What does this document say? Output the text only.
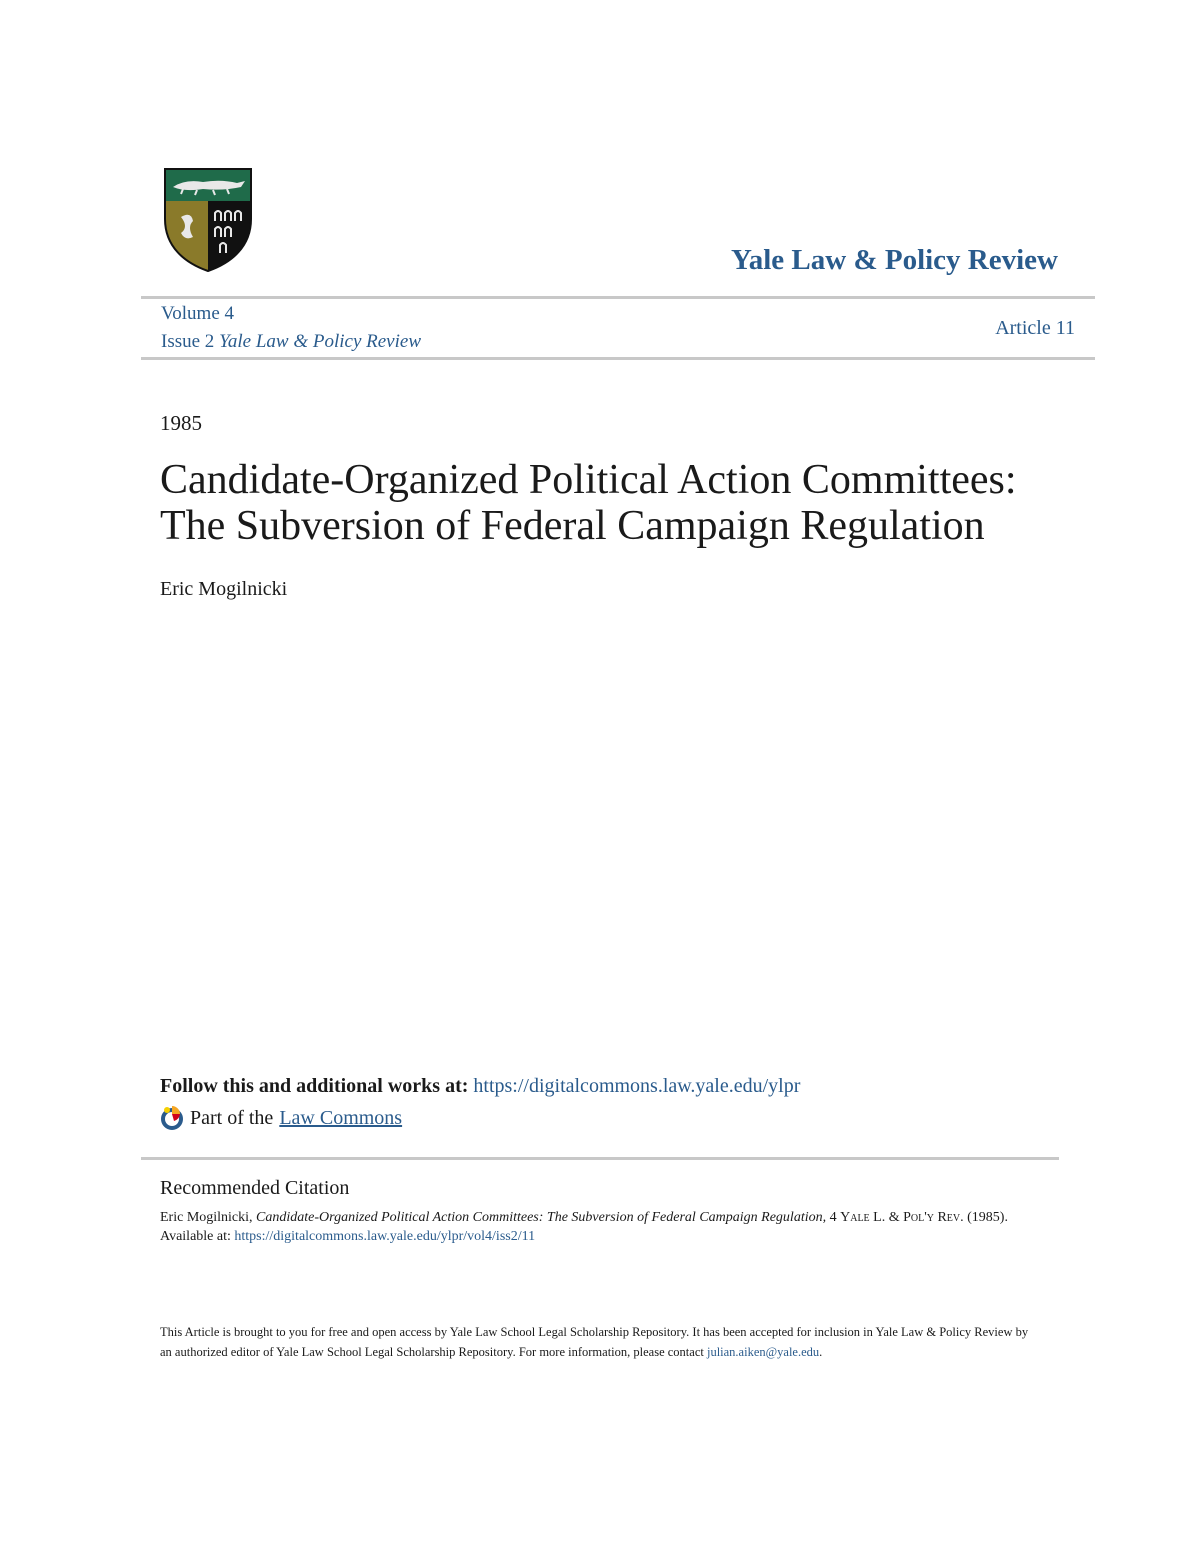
Yale Law & Policy Review
Volume 4
Issue 2 Yale Law & Policy Review
Article 11
1985
Candidate-Organized Political Action Committees:
The Subversion of Federal Campaign Regulation
Eric Mogilnicki
Follow this and additional works at: https://digitalcommons.law.yale.edu/ylpr
Part of the Law Commons
Recommended Citation
Eric Mogilnicki, Candidate-Organized Political Action Committees: The Subversion of Federal Campaign Regulation, 4 Yale L. & Pol'y Rev. (1985).
Available at: https://digitalcommons.law.yale.edu/ylpr/vol4/iss2/11
This Article is brought to you for free and open access by Yale Law School Legal Scholarship Repository. It has been accepted for inclusion in Yale Law & Policy Review by an authorized editor of Yale Law School Legal Scholarship Repository. For more information, please contact julian.aiken@yale.edu.
